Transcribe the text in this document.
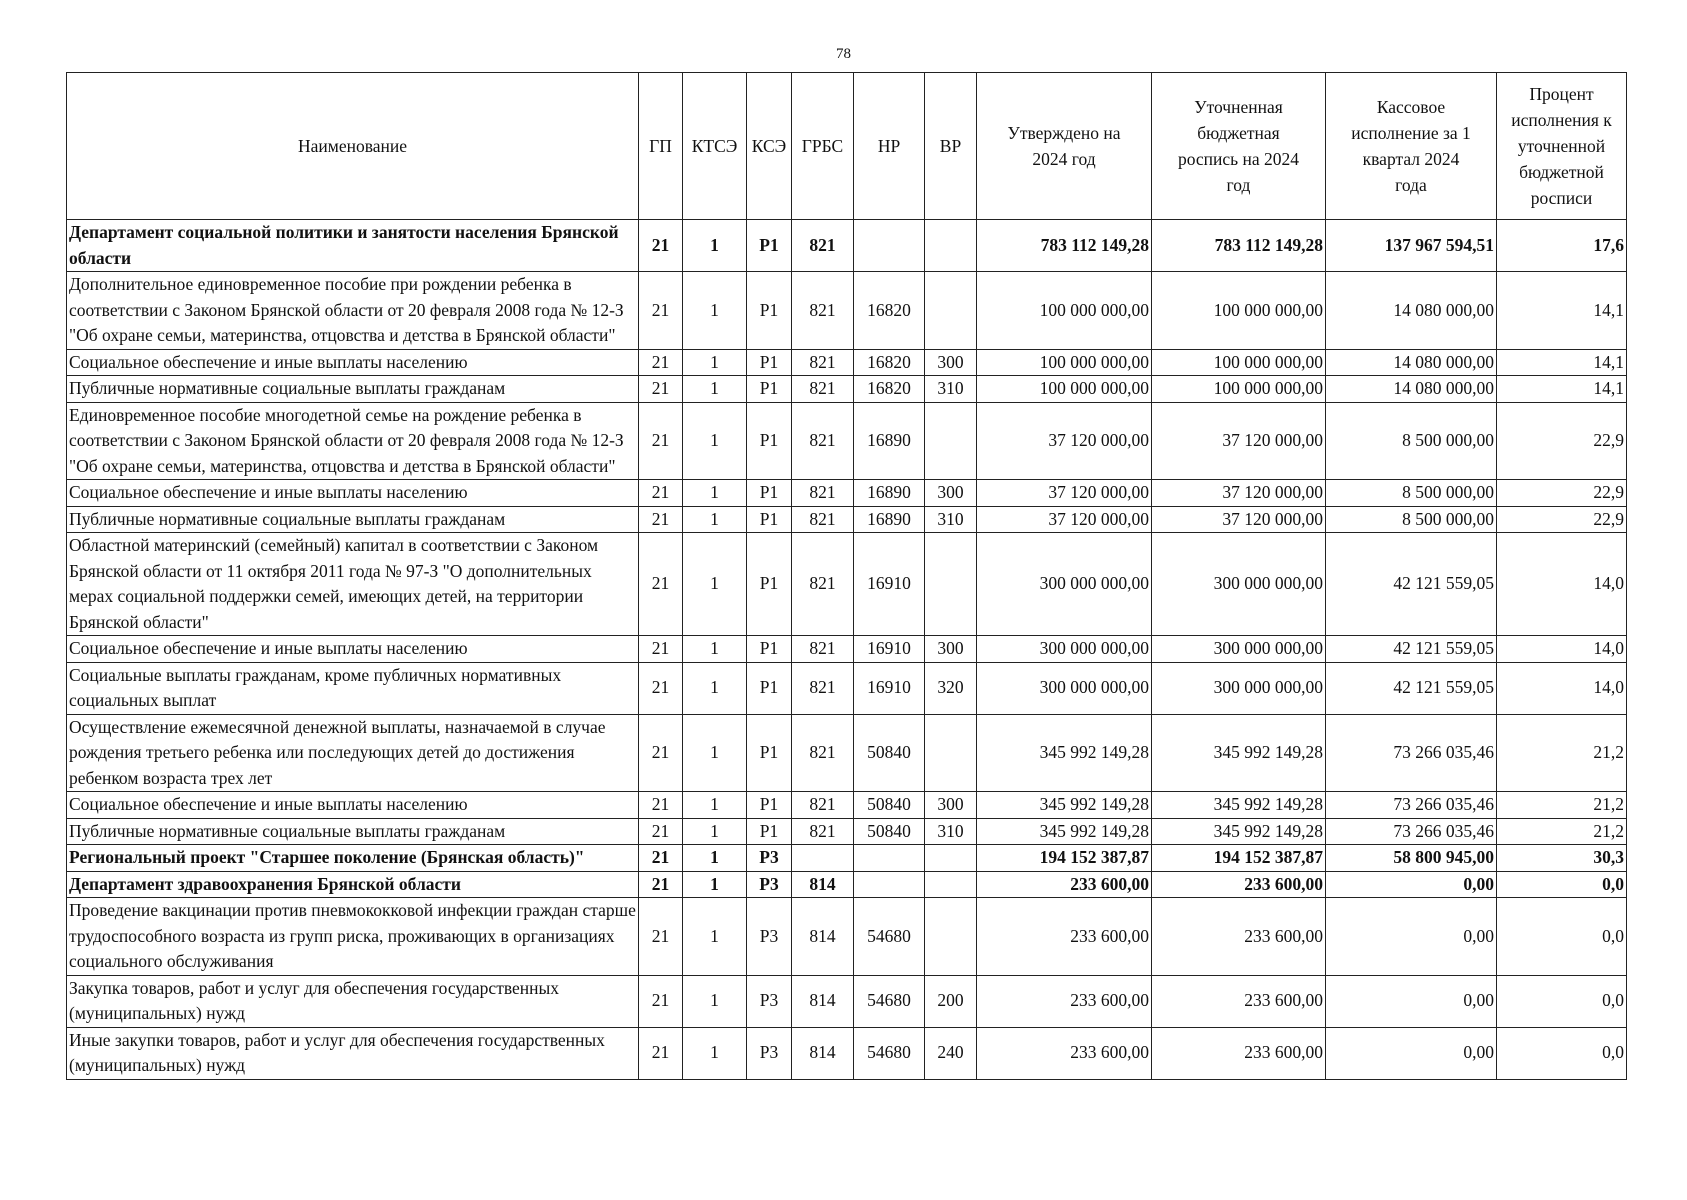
78
Наименование	ГП	КТСЭ	КСЭ	ГРБС	НР	ВР	Утверждено на 2024 год	Уточненная бюджетная роспись на 2024 год	Кассовое исполнение за 1 квартал 2024 года	Процент исполнения к уточненной бюджетной росписи
Департамент социальной политики и занятости населения Брянской области	21	1	P1	821			783 112 149,28	783 112 149,28	137 967 594,51	17,6
Дополнительное единовременное пособие при рождении ребенка в соответствии с Законом Брянской области от 20 февраля 2008 года № 12-З "Об охране семьи, материнства, отцовства и детства в Брянской области"	21	1	P1	821	16820		100 000 000,00	100 000 000,00	14 080 000,00	14,1
Социальное обеспечение и иные выплаты населению	21	1	P1	821	16820	300	100 000 000,00	100 000 000,00	14 080 000,00	14,1
Публичные нормативные социальные выплаты гражданам	21	1	P1	821	16820	310	100 000 000,00	100 000 000,00	14 080 000,00	14,1
Единовременное пособие многодетной семье на рождение ребенка в соответствии с Законом Брянской области от 20 февраля 2008 года № 12-З "Об охране семьи, материнства, отцовства и детства в Брянской области"	21	1	P1	821	16890		37 120 000,00	37 120 000,00	8 500 000,00	22,9
Социальное обеспечение и иные выплаты населению	21	1	P1	821	16890	300	37 120 000,00	37 120 000,00	8 500 000,00	22,9
Публичные нормативные социальные выплаты гражданам	21	1	P1	821	16890	310	37 120 000,00	37 120 000,00	8 500 000,00	22,9
Областной материнский (семейный) капитал в соответствии с Законом Брянской области от 11 октября 2011 года № 97-З "О дополнительных мерах социальной поддержки семей, имеющих детей, на территории Брянской области"	21	1	P1	821	16910		300 000 000,00	300 000 000,00	42 121 559,05	14,0
Социальное обеспечение и иные выплаты населению	21	1	P1	821	16910	300	300 000 000,00	300 000 000,00	42 121 559,05	14,0
Социальные выплаты гражданам, кроме публичных нормативных социальных выплат	21	1	P1	821	16910	320	300 000 000,00	300 000 000,00	42 121 559,05	14,0
Осуществление ежемесячной денежной выплаты, назначаемой в случае рождения третьего ребенка или последующих детей до достижения ребенком возраста трех лет	21	1	P1	821	50840		345 992 149,28	345 992 149,28	73 266 035,46	21,2
Социальное обеспечение и иные выплаты населению	21	1	P1	821	50840	300	345 992 149,28	345 992 149,28	73 266 035,46	21,2
Публичные нормативные социальные выплаты гражданам	21	1	P1	821	50840	310	345 992 149,28	345 992 149,28	73 266 035,46	21,2
Региональный проект "Старшее поколение (Брянская область)"	21	1	P3				194 152 387,87	194 152 387,87	58 800 945,00	30,3
Департамент здравоохранения Брянской области	21	1	P3	814			233 600,00	233 600,00	0,00	0,0
Проведение вакцинации против пневмококковой инфекции граждан старше трудоспособного возраста из групп риска, проживающих в организациях социального обслуживания	21	1	P3	814	54680		233 600,00	233 600,00	0,00	0,0
Закупка товаров, работ и услуг для обеспечения государственных (муниципальных) нужд	21	1	P3	814	54680	200	233 600,00	233 600,00	0,00	0,0
Иные закупки товаров, работ и услуг для обеспечения государственных (муниципальных) нужд	21	1	P3	814	54680	240	233 600,00	233 600,00	0,00	0,0
